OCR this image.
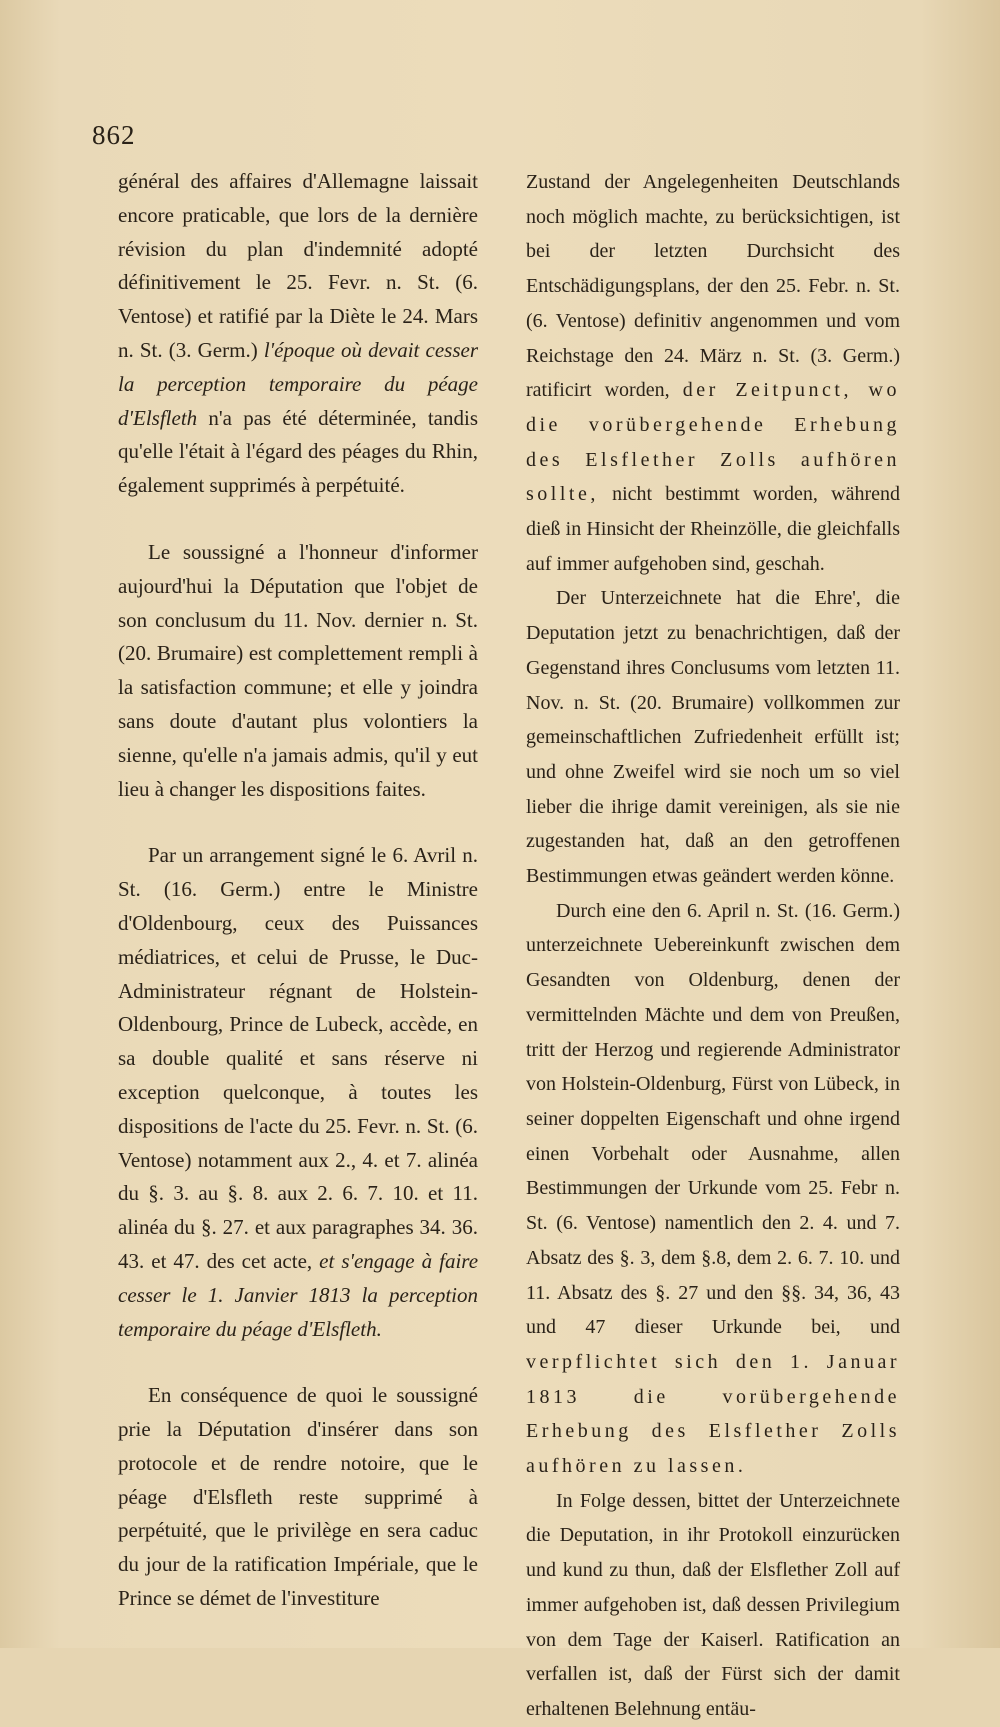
862

général des affaires d'Allemagne laissait encore praticable, que lors de la dernière révision du plan d'indemnité adopté définitivement le 25. Fevr. n. St. (6. Ventose) et ratifié par la Diète le 24. Mars n. St. (3. Germ.) l'époque où devait cesser la perception temporaire du péage d'Elsfleth n'a pas été déterminée, tandis qu'elle l'était à l'égard des péages du Rhin, également supprimés à perpétuité.

Le soussigné a l'honneur d'informer aujourd'hui la Députation que l'objet de son conclusum du 11. Nov. dernier n. St. (20. Brumaire) est complettement rempli à la satisfaction commune; et elle y joindra sans doute d'autant plus volontiers la sienne, qu'elle n'a jamais admis, qu'il y eut lieu à changer les dispositions faites.

Par un arrangement signé le 6. Avril n. St. (16. Germ.) entre le Ministre d'Oldenbourg, ceux des Puissances médiatrices, et celui de Prusse, le Duc-Administrateur régnant de Holstein-Oldenbourg, Prince de Lubeck, accède, en sa double qualité et sans réserve ni exception quelconque, à toutes les dispositions de l'acte du 25. Fevr. n. St. (6. Ventose) notamment aux 2., 4. et 7. alinéa du §. 3. au §. 8. aux 2. 6. 7. 10. et 11. alinéa du §. 27. et aux paragraphes 34. 36. 43. et 47. des cet acte, et s'engage à faire cesser le 1. Janvier 1813 la perception temporaire du péage d'Elsfleth.

En conséquence de quoi le soussigné prie la Députation d'insérer dans son protocole et de rendre notoire, que le péage d'Elsfleth reste supprimé à perpétuité, que le privilège en sera caduc du jour de la ratification Impériale, que le Prince se démet de l'investiture

Zustand der Angelegenheiten Deutschlands noch möglich machte, zu berücksichtigen, ist bei der letzten Durchsicht des Entschädigungsplans, der den 25. Febr. n. St. (6. Ventose) definitiv angenommen und vom Reichstage den 24. März n. St. (3. Germ.) ratificirt worden, der Zeitpunct, wo die vorübergehende Erhebung des Elsflether Zolls aufhören sollte, nicht bestimmt worden, während dieß in Hinsicht der Rheinzölle, die gleichfalls auf immer aufgehoben sind, geschah.

Der Unterzeichnete hat die Ehre', die Deputation jetzt zu benachrichtigen, daß der Gegenstand ihres Conclusums vom letzten 11. Nov. n. St. (20. Brumaire) vollkommen zur gemeinschaftlichen Zufriedenheit erfüllt ist; und ohne Zweifel wird sie noch um so viel lieber die ihrige damit vereinigen, als sie nie zugestanden hat, daß an den getroffenen Bestimmungen etwas geändert werden könne.

Durch eine den 6. April n. St. (16. Germ.) unterzeichnete Uebereinkunft zwischen dem Gesandten von Oldenburg, denen der vermittelnden Mächte und dem von Preußen, tritt der Herzog und regierende Administrator von Holstein-Oldenburg, Fürst von Lübeck, in seiner doppelten Eigenschaft und ohne irgend einen Vorbehalt oder Ausnahme, allen Bestimmungen der Urkunde vom 25. Febr n. St. (6. Ventose) namentlich den 2. 4. und 7. Absatz des §. 3, dem §.8, dem 2. 6. 7. 10. und 11. Absatz des §. 27 und den §§. 34, 36, 43 und 47 dieser Urkunde bei, und verpflichtet sich den 1. Januar 1813 die vorübergehende Erhebung des Elsflether Zolls aufhören zu lassen.

In Folge dessen, bittet der Unterzeichnete die Deputation, in ihr Protokoll einzurücken und kund zu thun, daß der Elsflether Zoll auf immer aufgehoben ist, daß dessen Privilegium von dem Tage der Kaiserl. Ratification an verfallen ist, daß der Fürst sich der damit erhaltenen Belehnung entäu-
